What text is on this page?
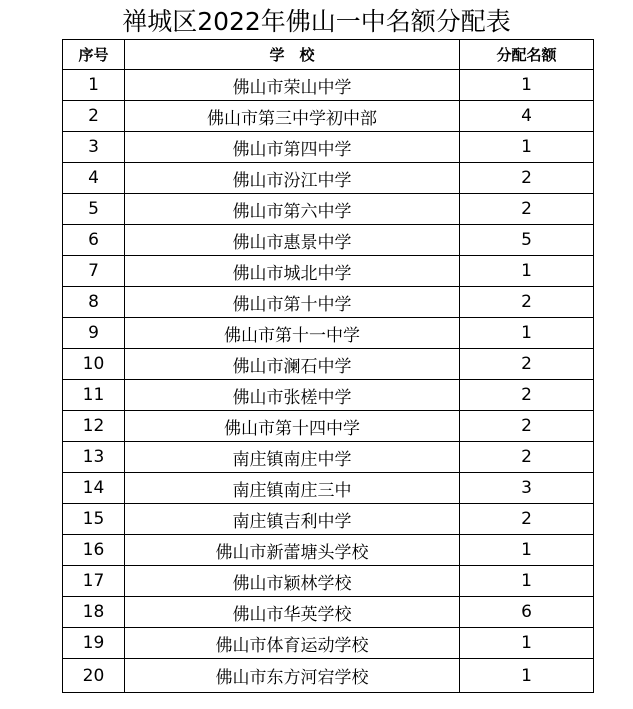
禅城区2022年佛山一中名额分配表
序号	学　校	分配名额
1	佛山市荣山中学	1
2	佛山市第三中学初中部	4
3	佛山市第四中学	1
4	佛山市汾江中学	2
5	佛山市第六中学	2
6	佛山市惠景中学	5
7	佛山市城北中学	1
8	佛山市第十中学	2
9	佛山市第十一中学	1
10	佛山市澜石中学	2
11	佛山市张槎中学	2
12	佛山市第十四中学	2
13	南庄镇南庄中学	2
14	南庄镇南庄三中	3
15	南庄镇吉利中学	2
16	佛山市新蕾塘头学校	1
17	佛山市颖林学校	1
18	佛山市华英学校	6
19	佛山市体育运动学校	1
20	佛山市东方河宕学校	1
